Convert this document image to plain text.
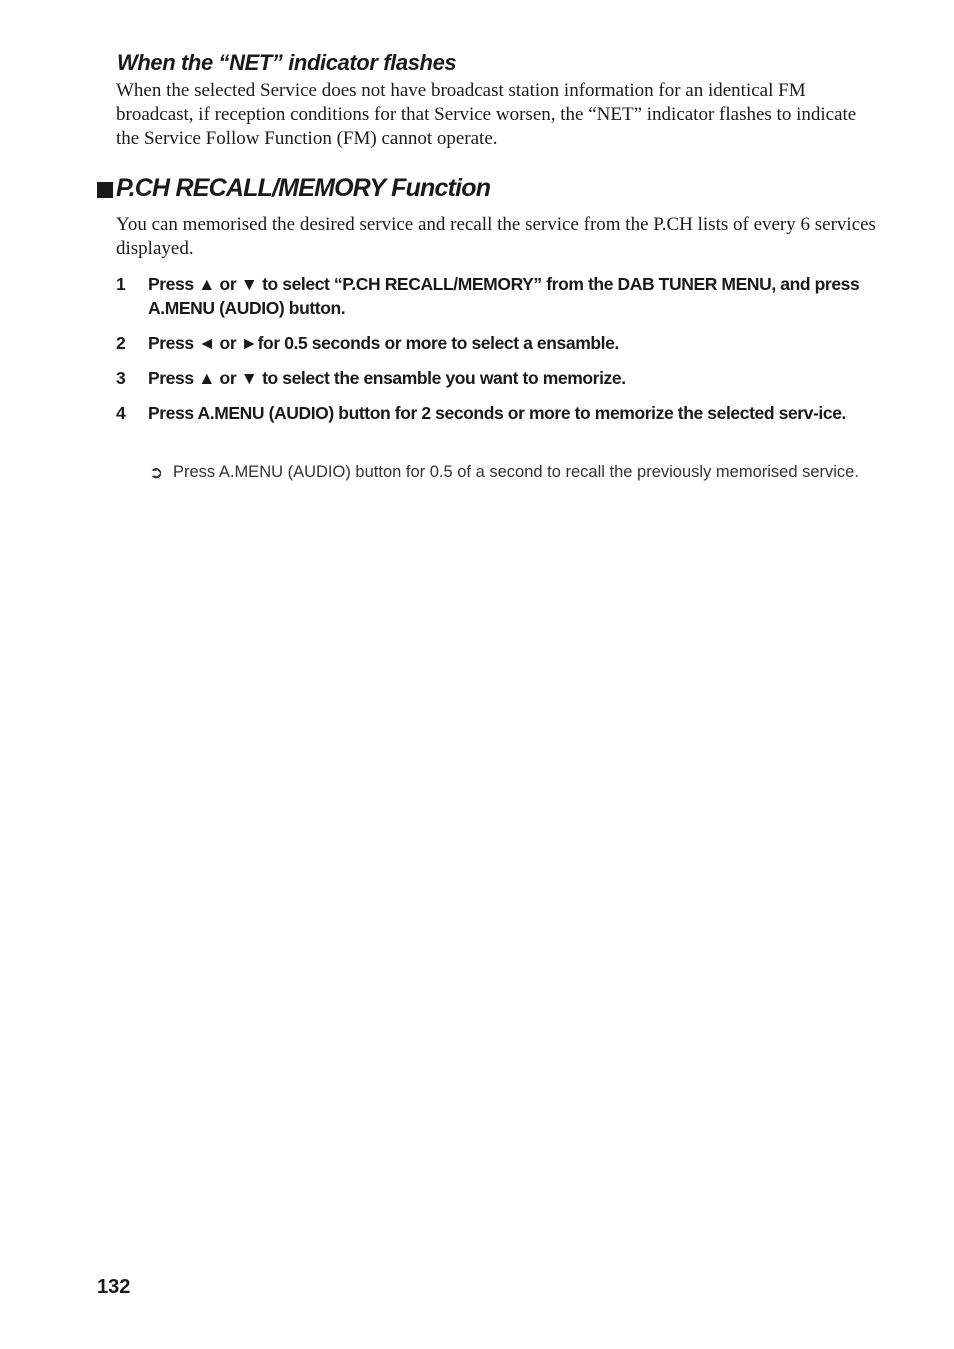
When the “NET” indicator flashes

When the selected Service does not have broadcast station information for an identical FM broadcast, if reception conditions for that Service worsen, the “NET” indicator flashes to indicate the Service Follow Function (FM) cannot operate.

P.CH RECALL/MEMORY Function

You can memorised the desired service and recall the service from the P.CH lists of every 6 services displayed.

1	Press ▲ or ▼ to select “P.CH RECALL/MEMORY” from the DAB TUNER MENU, and press A.MENU (AUDIO) button.
2	Press ◄ or ►for 0.5 seconds or more to select a ensamble.
3	Press ▲ or ▼ to select the ensamble you want to memorize.
4	Press A.MENU (AUDIO) button for 2 seconds or more to memorize the selected serv-ice.
➲ Press A.MENU (AUDIO) button for 0.5 of a second to recall the previously memorised service.

132
